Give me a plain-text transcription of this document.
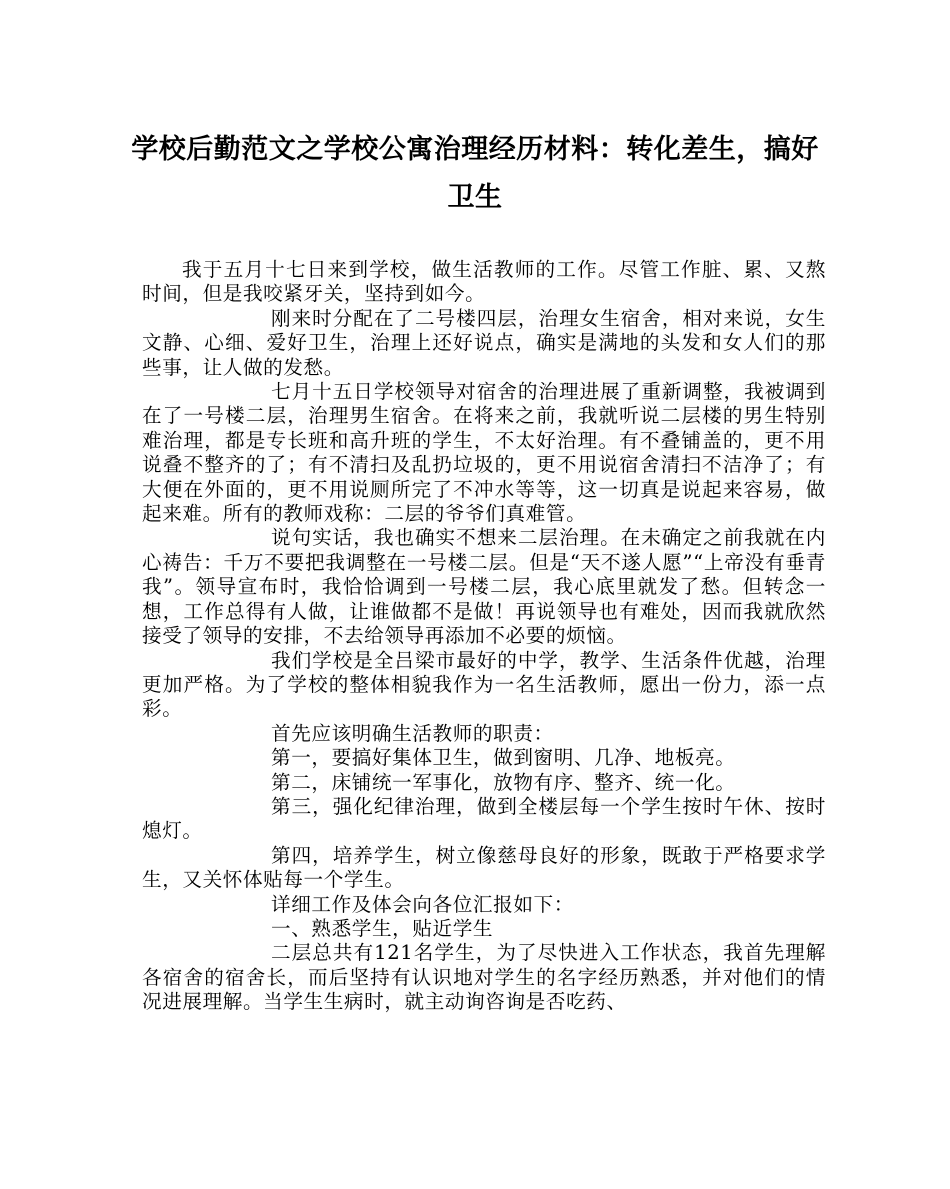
学校后勤范文之学校公寓治理经历材料：转化差生，搞好卫生

我于五月十七日来到学校，做生活教师的工作。尽管工作脏、累、又熬时间，但是我咬紧牙关，坚持到如今。

刚来时分配在了二号楼四层，治理女生宿舍，相对来说，女生文静、心细、爱好卫生，治理上还好说点，确实是满地的头发和女人们的那些事，让人做的发愁。

七月十五日学校领导对宿舍的治理进展了重新调整，我被调到在了一号楼二层，治理男生宿舍。在将来之前，我就听说二层楼的男生特别难治理，都是专长班和高升班的学生，不太好治理。有不叠铺盖的，更不用说叠不整齐的了；有不清扫及乱扔垃圾的，更不用说宿舍清扫不洁净了；有大便在外面的，更不用说厕所完了不冲水等等，这一切真是说起来容易，做起来难。所有的教师戏称：二层的爷爷们真难管。

说句实话，我也确实不想来二层治理。在未确定之前我就在内心祷告：千万不要把我调整在一号楼二层。但是“天不遂人愿”“上帝没有垂青我”。领导宣布时，我恰恰调到一号楼二层，我心底里就发了愁。但转念一想，工作总得有人做，让谁做都不是做！再说领导也有难处，因而我就欣然接受了领导的安排，不去给领导再添加不必要的烦恼。

我们学校是全吕梁市最好的中学，教学、生活条件优越，治理更加严格。为了学校的整体相貌我作为一名生活教师，愿出一份力，添一点彩。

首先应该明确生活教师的职责：

第一，要搞好集体卫生，做到窗明、几净、地板亮。

第二，床铺统一军事化，放物有序、整齐、统一化。

第三，强化纪律治理，做到全楼层每一个学生按时午休、按时熄灯。

第四，培养学生，树立像慈母良好的形象，既敢于严格要求学生，又关怀体贴每一个学生。

详细工作及体会向各位汇报如下：

一、熟悉学生，贴近学生

二层总共有121名学生，为了尽快进入工作状态，我首先理解各宿舍的宿舍长，而后坚持有认识地对学生的名字经历熟悉，并对他们的情况进展理解。当学生生病时，就主动询咨询是否吃药、
